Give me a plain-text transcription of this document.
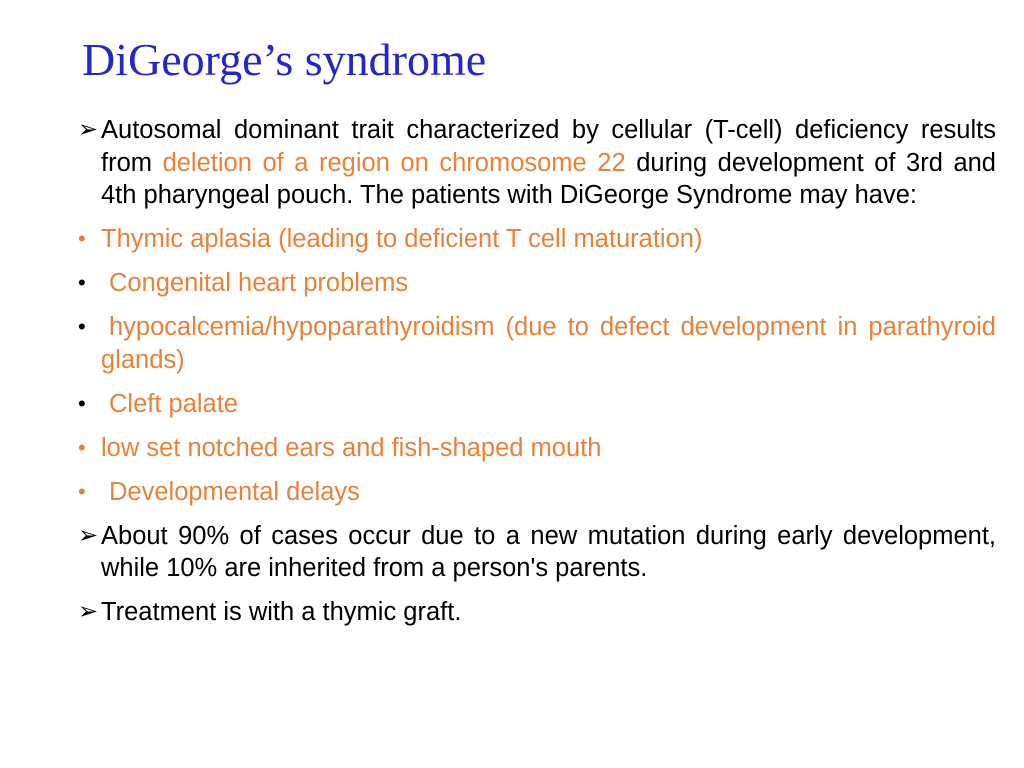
DiGeorge’s syndrome
➢ Autosomal dominant trait characterized by cellular (T-cell) deficiency results from deletion of a region on chromosome 22 during development of 3rd and 4th pharyngeal pouch. The patients with DiGeorge Syndrome may have:
• Thymic aplasia (leading to deficient T cell maturation)
• Congenital heart problems
• hypocalcemia/hypoparathyroidism (due to defect development in parathyroid glands)
• Cleft palate
• low set notched ears and fish-shaped mouth
• Developmental delays
➢ About 90% of cases occur due to a new mutation during early development, while 10% are inherited from a person's parents.
➢ Treatment is with a thymic graft.
